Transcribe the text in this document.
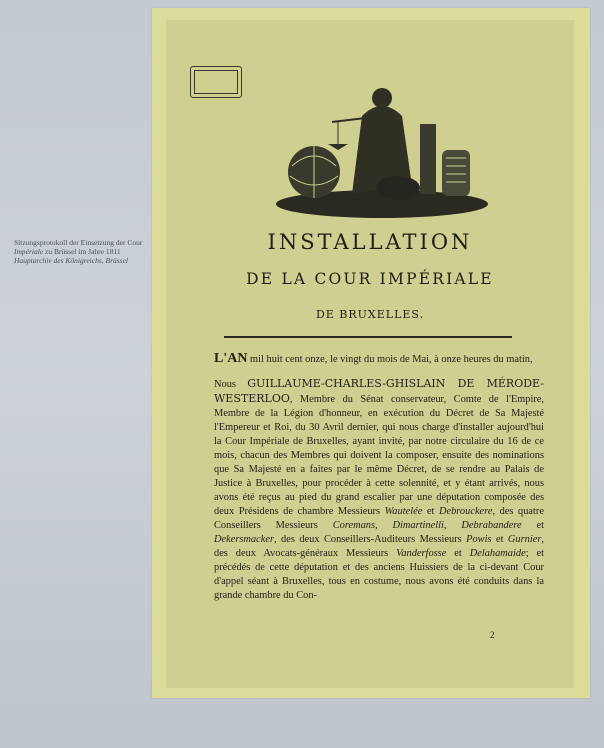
Sitzungsprotokoll der Einsetzung der Cour Impériale zu Brüssel im Jahre 1811
Hauptarchiv des Königreichs, Brüssel
INSTALLATION
DE LA COUR IMPÉRIALE
DE BRUXELLES.

L'AN mil huit cent onze, le vingt du mois de Mai, à onze heures du matin,

Nous GUILLAUME-CHARLES-GHISLAIN DE MÉRODE-WESTERLOO, Membre du Sénat conservateur, Comte de l'Empire, Membre de la Légion d'honneur, en exécution du Décret de Sa Majesté l'Empereur et Roi, du 30 Avril dernier, qui nous charge d'installer aujourd'hui la Cour Impériale de Bruxelles, ayant invité, par notre circulaire du 16 de ce mois, chacun des Membres qui doivent la composer, ensuite des nominations que Sa Majesté en a faites par le même Décret, de se rendre au Palais de Justice à Bruxelles, pour procéder à cette solennité, et y étant arrivés, nous avons été reçus au pied du grand escalier par une députation composée des deux Présidens de chambre Messieurs Wautelée et Debrouckere, des quatre Conseillers Messieurs Coremans, Dimartinelli, Debrabandere et Dekersmacker, des deux Conseillers-Auditeurs Messieurs Powis et Gurnier, des deux Avocats-généraux Messieurs Vanderfosse et Delahamaide; et précédés de cette députation et des anciens Huissiers de la ci-devant Cour d'appel séant à Bruxelles, tous en costume, nous avons été conduits dans la grande chambre du Con-

2
